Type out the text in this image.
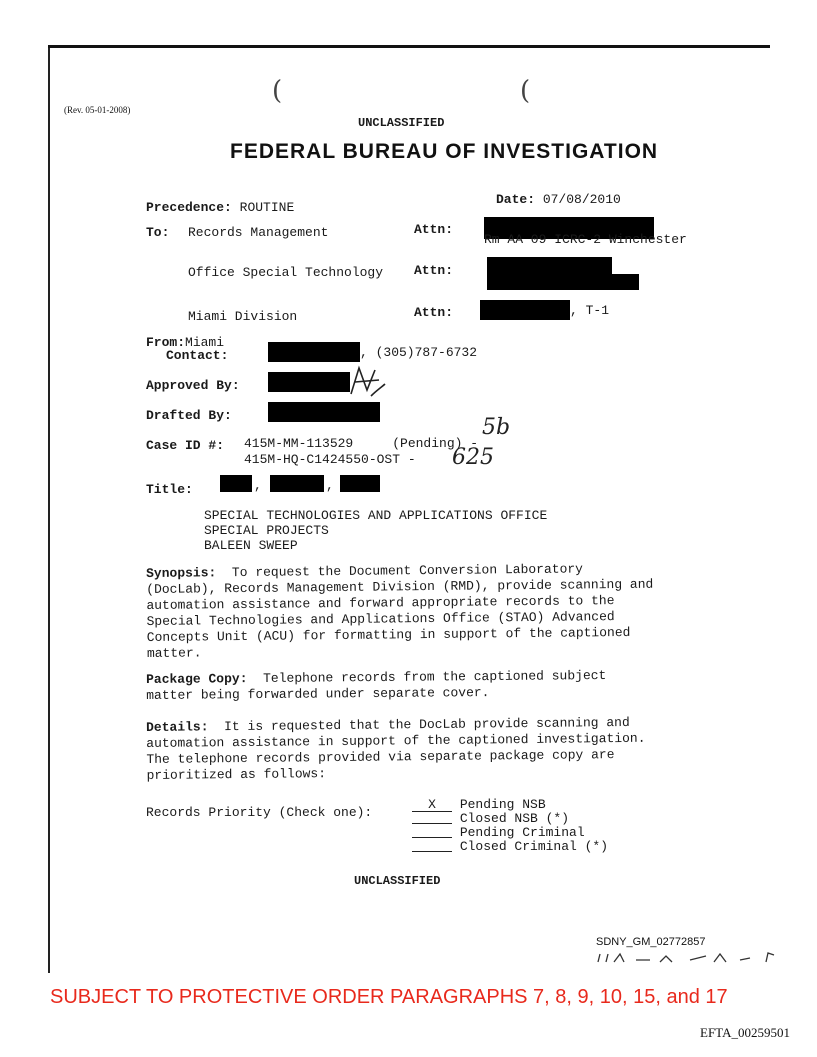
(	(
(Rev. 05-01-2008)
UNCLASSIFIED
FEDERAL BUREAU OF INVESTIGATION
Precedence: ROUTINE
Date: 07/08/2010
To: Records Management	Attn:
Rm AA 09 ICRC-2 Winchester
Office Special Technology Attn:
Miami Division	Attn:	, T-1
From:Miami
Contact:	, (305)787-6732
Approved By:
Drafted By:
Case ID #: 415M-MM-113529     (Pending) -
415M-HQ-C1424550-OST -
5b
625
Title:	,	,
SPECIAL TECHNOLOGIES AND APPLICATIONS OFFICE
SPECIAL PROJECTS
BALEEN SWEEP
Synopsis:  To request the Document Conversion Laboratory
(DocLab), Records Management Division (RMD), provide scanning and
automation assistance and forward appropriate records to the
Special Technologies and Applications Office (STAO) Advanced
Concepts Unit (ACU) for formatting in support of the captioned
matter.
Package Copy:  Telephone records from the captioned subject
matter being forwarded under separate cover.
Details:  It is requested that the DocLab provide scanning and
automation assistance in support of the captioned investigation.
The telephone records provided via separate package copy are
prioritized as follows:
Records Priority (Check one):
X Pending NSB
Closed NSB (*)
Pending Criminal
Closed Criminal (*)
UNCLASSIFIED
SDNY_GM_02772857
SUBJECT TO PROTECTIVE ORDER PARAGRAPHS 7, 8, 9, 10, 15, and 17
EFTA_00259501
